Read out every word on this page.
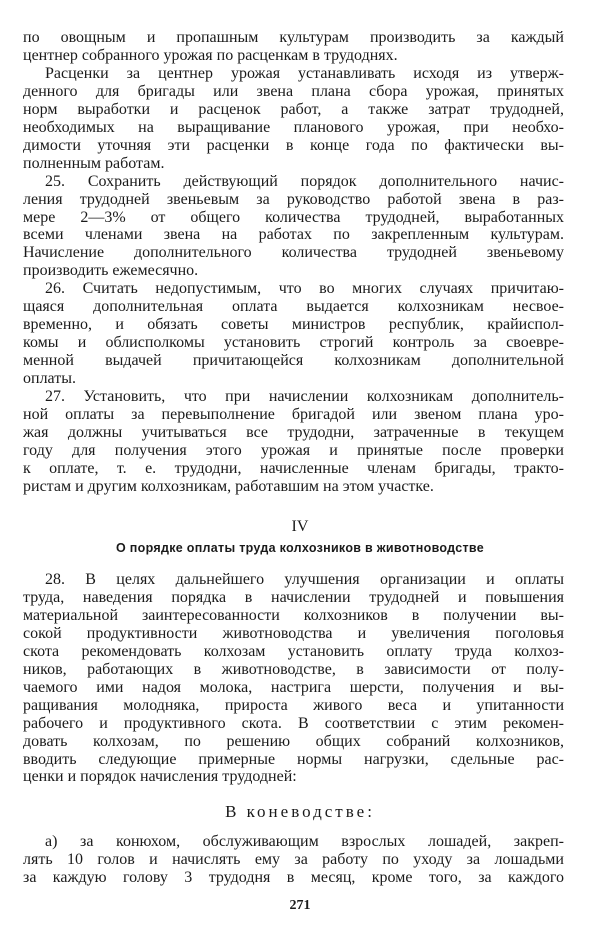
по овощным и пропашным культурам производить за каждый
центнер собранного урожая по расценкам в трудоднях.
Расценки за центнер урожая устанавливать исходя из утверж-
денного для бригады или звена плана сбора урожая, принятых
норм выработки и расценок работ, а также затрат трудодней,
необходимых на выращивание планового урожая, при необхо-
димости уточняя эти расценки в конце года по фактически вы-
полненным работам.
25. Сохранить действующий порядок дополнительного начис-
ления трудодней звеньевым за руководство работой звена в раз-
мере 2—3% от общего количества трудодней, выработанных
всеми членами звена на работах по закрепленным культурам.
Начисление дополнительного количества трудодней звеньевому
производить ежемесячно.
26. Считать недопустимым, что во многих случаях причитаю-
щаяся дополнительная оплата выдается колхозникам несвое-
временно, и обязать советы министров республик, крайиспол-
комы и облисполкомы установить строгий контроль за своевре-
менной выдачей причитающейся колхозникам дополнительной
оплаты.
27. Установить, что при начислении колхозникам дополнитель-
ной оплаты за перевыполнение бригадой или звеном плана уро-
жая должны учитываться все трудодни, затраченные в текущем
году для получения этого урожая и принятые после проверки
к оплате, т. е. трудодни, начисленные членам бригады, тракто-
ристам и другим колхозникам, работавшим на этом участке.
28. В целях дальнейшего улучшения организации и оплаты
труда, наведения порядка в начислении трудодней и повышения
материальной заинтересованности колхозников в получении вы-
сокой продуктивности животноводства и увеличения поголовья
скота рекомендовать колхозам установить оплату труда колхоз-
ников, работающих в животноводстве, в зависимости от полу-
чаемого ими надоя молока, настрига шерсти, получения и вы-
ращивания молодняка, прироста живого веса и упитанности
рабочего и продуктивного скота. В соответствии с этим рекомен-
довать колхозам, по решению общих собраний колхозников,
вводить следующие примерные нормы нагрузки, сдельные рас-
ценки и порядок начисления трудодней:
а) за конюхом, обслуживающим взрослых лошадей, закреп-
лять 10 голов и начислять ему за работу по уходу за лошадьми
за каждую голову 3 трудодня в месяц, кроме того, за каждого
IV
О порядке оплаты труда колхозников в животноводстве
В коневодстве:
271
